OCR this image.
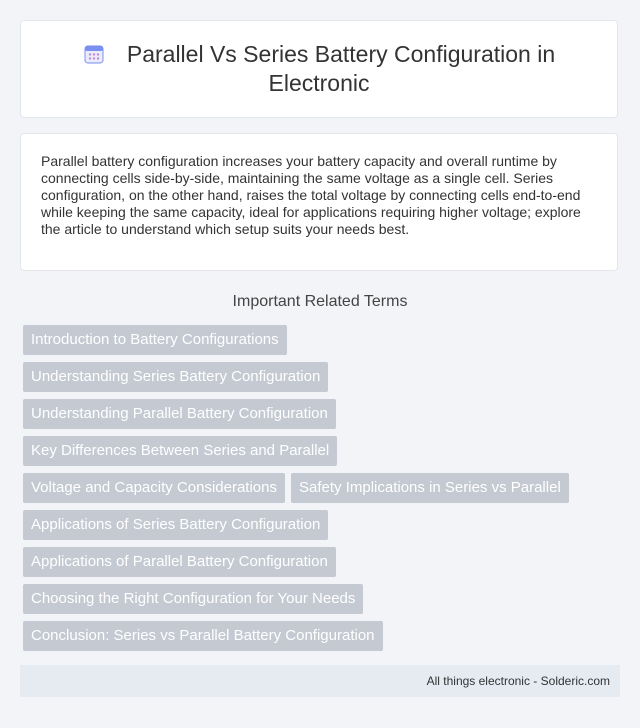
Parallel Vs Series Battery Configuration in Electronic

Parallel battery configuration increases your battery capacity and overall runtime by connecting cells side-by-side, maintaining the same voltage as a single cell. Series configuration, on the other hand, raises the total voltage by connecting cells end-to-end while keeping the same capacity, ideal for applications requiring higher voltage; explore the article to understand which setup suits your needs best.

Important Related Terms
Introduction to Battery Configurations
Understanding Series Battery Configuration
Understanding Parallel Battery Configuration
Key Differences Between Series and Parallel
Voltage and Capacity Considerations	Safety Implications in Series vs Parallel
Applications of Series Battery Configuration
Applications of Parallel Battery Configuration
Choosing the Right Configuration for Your Needs
Conclusion: Series vs Parallel Battery Configuration
All things electronic - Solderic.com
